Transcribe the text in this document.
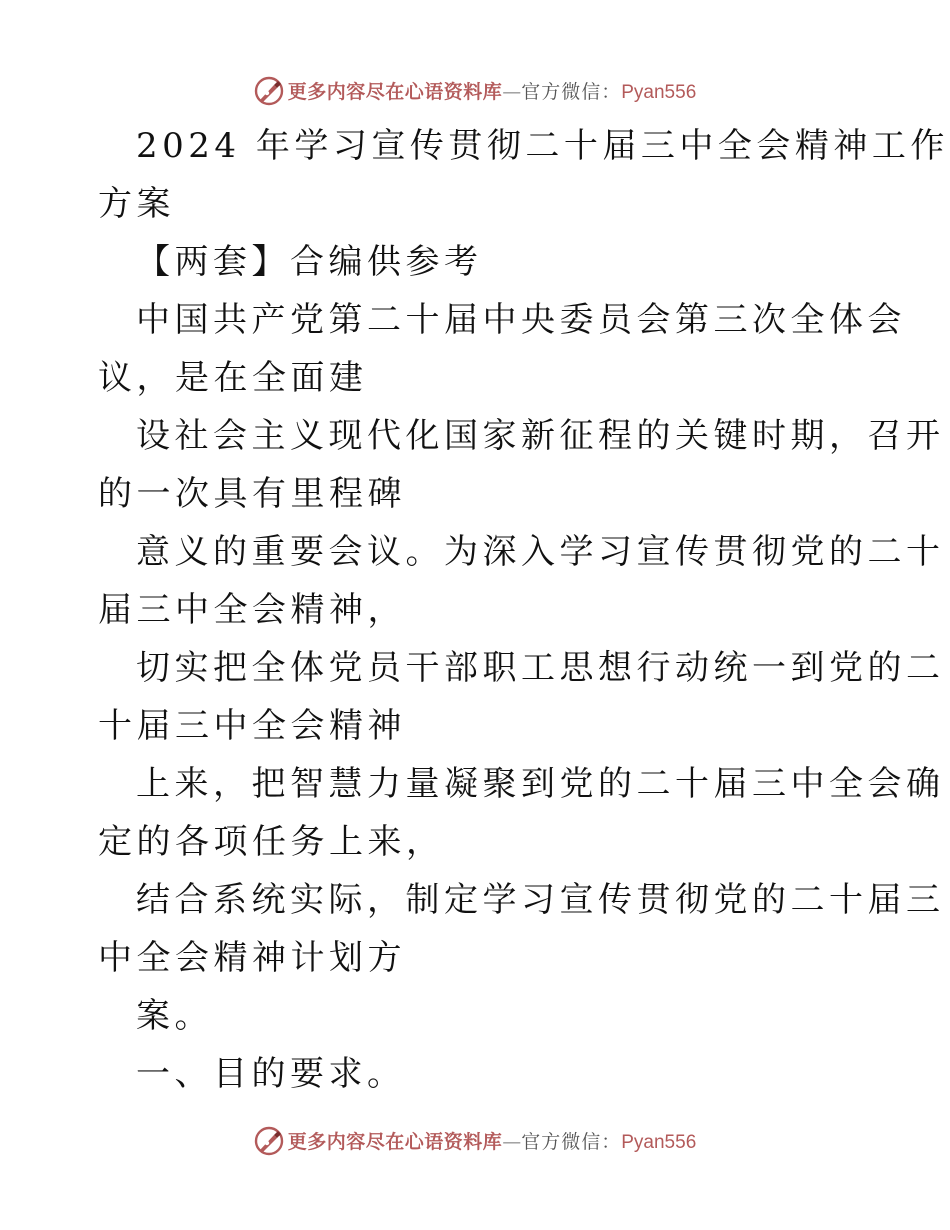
更多内容尽在心语资料库—官方微信：Pyan556
2024 年学习宣传贯彻二十届三中全会精神工作
方案
【两套】合编供参考
中国共产党第二十届中央委员会第三次全体会
议，是在全面建
设社会主义现代化国家新征程的关键时期，召开
的一次具有里程碑
意义的重要会议。为深入学习宣传贯彻党的二十
届三中全会精神，
切实把全体党员干部职工思想行动统一到党的二
十届三中全会精神
上来，把智慧力量凝聚到党的二十届三中全会确
定的各项任务上来，
结合系统实际，制定学习宣传贯彻党的二十届三
中全会精神计划方
案。
一、目的要求。
更多内容尽在心语资料库—官方微信：Pyan556
